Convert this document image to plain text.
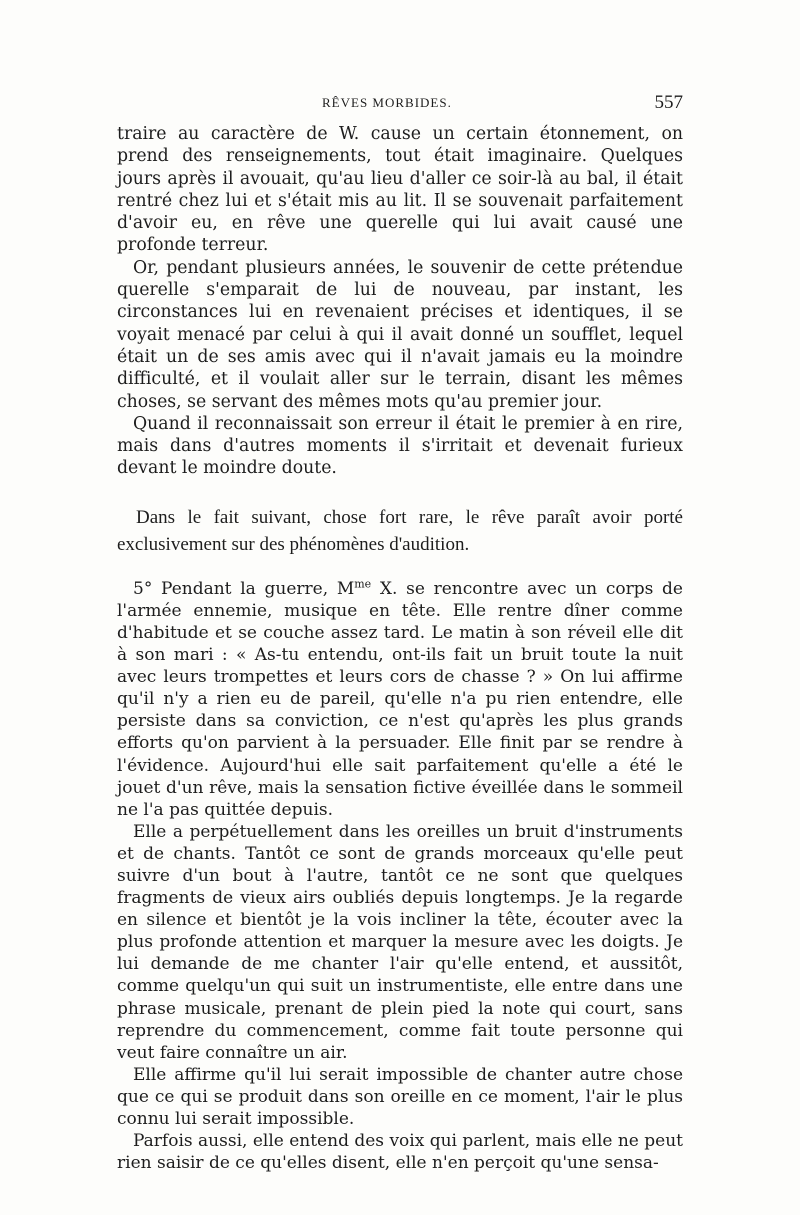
RÊVES MORBIDES.	557

traire au caractère de W. cause un certain étonnement, on prend des renseignements, tout était imaginaire. Quelques jours après il avouait, qu'au lieu d'aller ce soir-là au bal, il était rentré chez lui et s'était mis au lit. Il se souvenait parfaitement d'avoir eu, en rêve une querelle qui lui avait causé une profonde terreur.

Or, pendant plusieurs années, le souvenir de cette prétendue querelle s'emparait de lui de nouveau, par instant, les circonstances lui en revenaient précises et identiques, il se voyait menacé par celui à qui il avait donné un soufflet, lequel était un de ses amis avec qui il n'avait jamais eu la moindre difficulté, et il voulait aller sur le terrain, disant les mêmes choses, se servant des mêmes mots qu'au premier jour.

Quand il reconnaissait son erreur il était le premier à en rire, mais dans d'autres moments il s'irritait et devenait furieux devant le moindre doute.

Dans le fait suivant, chose fort rare, le rêve paraît avoir porté exclusivement sur des phénomènes d'audition.

5° Pendant la guerre, $M^{me}$ X. se rencontre avec un corps de l'armée ennemie, musique en tête. Elle rentre dîner comme d'habitude et se couche assez tard. Le matin à son réveil elle dit à son mari : « As-tu entendu, ont-ils fait un bruit toute la nuit avec leurs trompettes et leurs cors de chasse ? » On lui affirme qu'il n'y a rien eu de pareil, qu'elle n'a pu rien entendre, elle persiste dans sa conviction, ce n'est qu'après les plus grands efforts qu'on parvient à la persuader. Elle finit par se rendre à l'évidence. Aujourd'hui elle sait parfaitement qu'elle a été le jouet d'un rêve, mais la sensation fictive éveillée dans le sommeil ne l'a pas quittée depuis.

Elle a perpétuellement dans les oreilles un bruit d'instruments et de chants. Tantôt ce sont de grands morceaux qu'elle peut suivre d'un bout à l'autre, tantôt ce ne sont que quelques fragments de vieux airs oubliés depuis longtemps. Je la regarde en silence et bientôt je la vois incliner la tête, écouter avec la plus profonde attention et marquer la mesure avec les doigts. Je lui demande de me chanter l'air qu'elle entend, et aussitôt, comme quelqu'un qui suit un instrumentiste, elle entre dans une phrase musicale, prenant de plein pied la note qui court, sans reprendre du commencement, comme fait toute personne qui veut faire connaître un air.

Elle affirme qu'il lui serait impossible de chanter autre chose que ce qui se produit dans son oreille en ce moment, l'air le plus connu lui serait impossible.

Parfois aussi, elle entend des voix qui parlent, mais elle ne peut rien saisir de ce qu'elles disent, elle n'en perçoit qu'une sensa-
